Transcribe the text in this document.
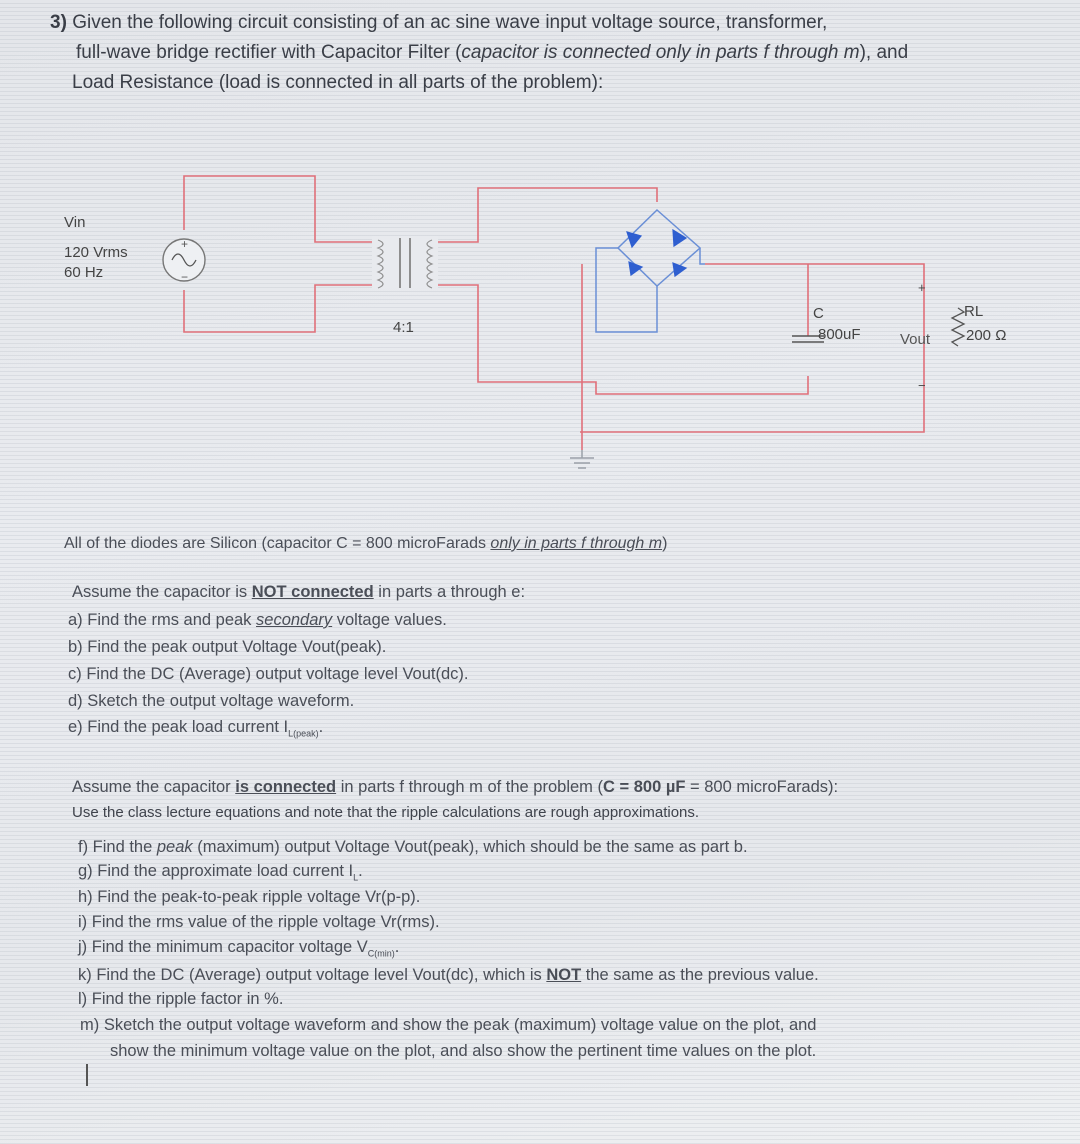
3) Given the following circuit consisting of an ac sine wave input voltage source, transformer,
full-wave bridge rectifier with Capacitor Filter (capacitor is connected only in parts f through m), and
Load Resistance (load is connected in all parts of the problem):
+
−
4:1
C
800uF
+
−
Vout
RL
200 Ω
Vin
120 Vrms
60 Hz
All of the diodes are Silicon (capacitor C = 800 microFarads only in parts f through m)
Assume the capacitor is NOT connected in parts a through e:
a) Find the rms and peak secondary voltage values.
b) Find the peak output Voltage Vout(peak).
c) Find the DC (Average) output voltage level Vout(dc).
d) Sketch the output voltage waveform.
e) Find the peak load current $I_{L(peak)}$.
Assume the capacitor is connected in parts f through m of the problem (C = 800 µF = 800 microFarads):
Use the class lecture equations and note that the ripple calculations are rough approximations.
f) Find the peak (maximum) output Voltage Vout(peak), which should be the same as part b.
g) Find the approximate load current $I_L$.
h) Find the peak-to-peak ripple voltage Vr(p-p).
i) Find the rms value of the ripple voltage Vr(rms).
j) Find the minimum capacitor voltage $V_{C(min)}$.
k) Find the DC (Average) output voltage level Vout(dc), which is NOT the same as the previous value.
l) Find the ripple factor in %.
m) Sketch the output voltage waveform and show the peak (maximum) voltage value on the plot, and
show the minimum voltage value on the plot, and also show the pertinent time values on the plot.
